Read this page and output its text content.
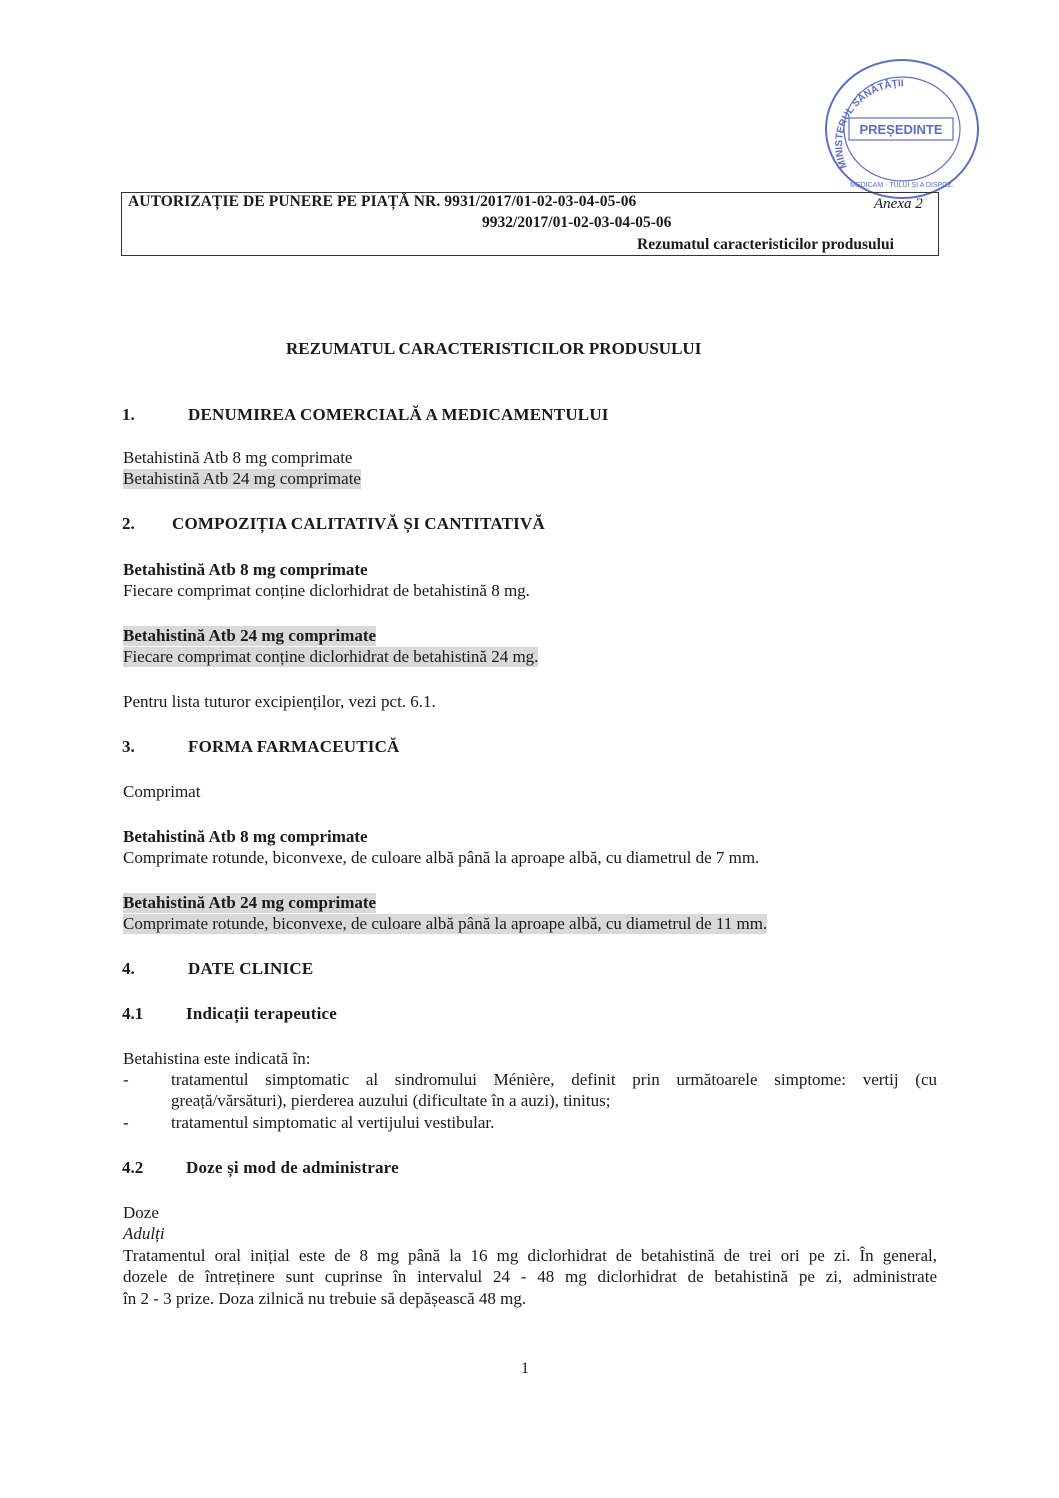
MINISTERUL SĂNĂTĂȚII
PREȘEDINTE
MEDICAM · TULUI ȘI A DISPOZ.
AUTORIZAȚIE DE PUNERE PE PIAȚĂ NR. 9931/2017/01-02-03-04-05-06	Anexa 2
9932/2017/01-02-03-04-05-06
Rezumatul caracteristicilor produsului
REZUMATUL CARACTERISTICILOR PRODUSULUI
1.	DENUMIREA COMERCIALĂ A MEDICAMENTULUI
Betahistină Atb 8 mg comprimate
Betahistină Atb 24 mg comprimate
2. COMPOZIȚIA CALITATIVĂ ȘI CANTITATIVĂ
Betahistină Atb 8 mg comprimate
Fiecare comprimat conține diclorhidrat de betahistină 8 mg.
Betahistină Atb 24 mg comprimate
Fiecare comprimat conține diclorhidrat de betahistină 24 mg.
Pentru lista tuturor excipienților, vezi pct. 6.1.
3.	FORMA FARMACEUTICĂ
Comprimat
Betahistină Atb 8 mg comprimate
Comprimate rotunde, biconvexe, de culoare albă până la aproape albă, cu diametrul de 7 mm.
Betahistină Atb 24 mg comprimate
Comprimate rotunde, biconvexe, de culoare albă până la aproape albă, cu diametrul de 11 mm.
4.	DATE CLINICE
4.1	Indicații terapeutice
Betahistina este indicată în:
- tratamentul simptomatic al sindromului Ménière, definit prin următoarele simptome: vertij (cu
greață/vărsături), pierderea auzului (dificultate în a auzi), tinitus;
- tratamentul simptomatic al vertijului vestibular.
4.2	Doze și mod de administrare
Doze
Adulți
Tratamentul oral inițial este de 8 mg până la 16 mg diclorhidrat de betahistină de trei ori pe zi. În general,
dozele de întreținere sunt cuprinse în intervalul 24 - 48 mg diclorhidrat de betahistină pe zi, administrate
în 2 - 3 prize. Doza zilnică nu trebuie să depășească 48 mg.
1
